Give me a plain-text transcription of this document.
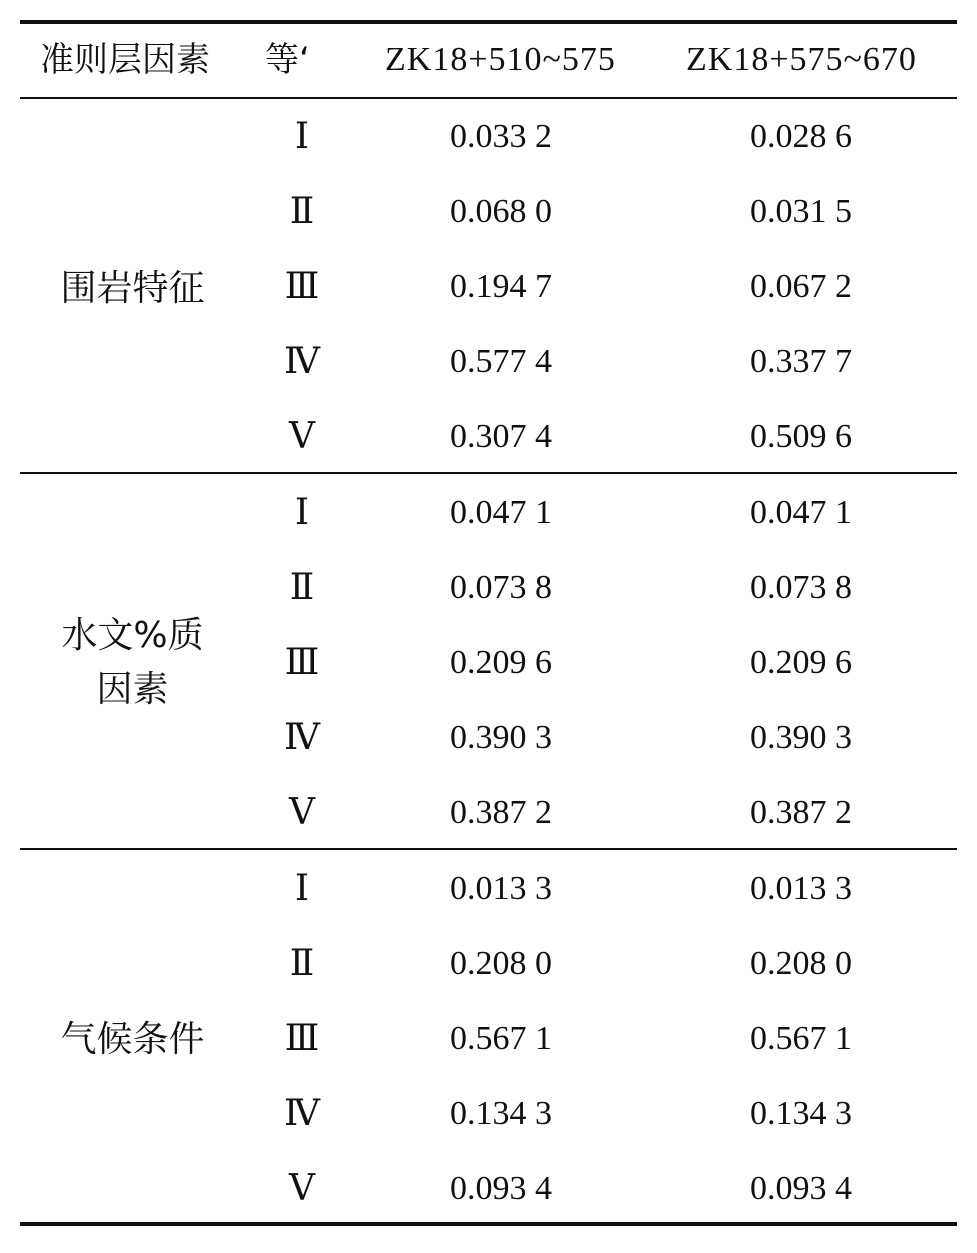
准则层因素 等‘ ZK18+510~575 ZK18+575~670
围岩特征
Ⅰ	0.033 2	0.028 6
Ⅱ	0.068 0	0.031 5
Ⅲ	0.194 7	0.067 2
Ⅳ	0.577 4	0.337 7
Ⅴ	0.307 4	0.509 6
水文%质
因素
Ⅰ	0.047 1	0.047 1
Ⅱ	0.073 8	0.073 8
Ⅲ	0.209 6	0.209 6
Ⅳ	0.390 3	0.390 3
Ⅴ	0.387 2	0.387 2
气候条件
Ⅰ	0.013 3	0.013 3
Ⅱ	0.208 0	0.208 0
Ⅲ	0.567 1	0.567 1
Ⅳ	0.134 3	0.134 3
Ⅴ	0.093 4	0.093 4
